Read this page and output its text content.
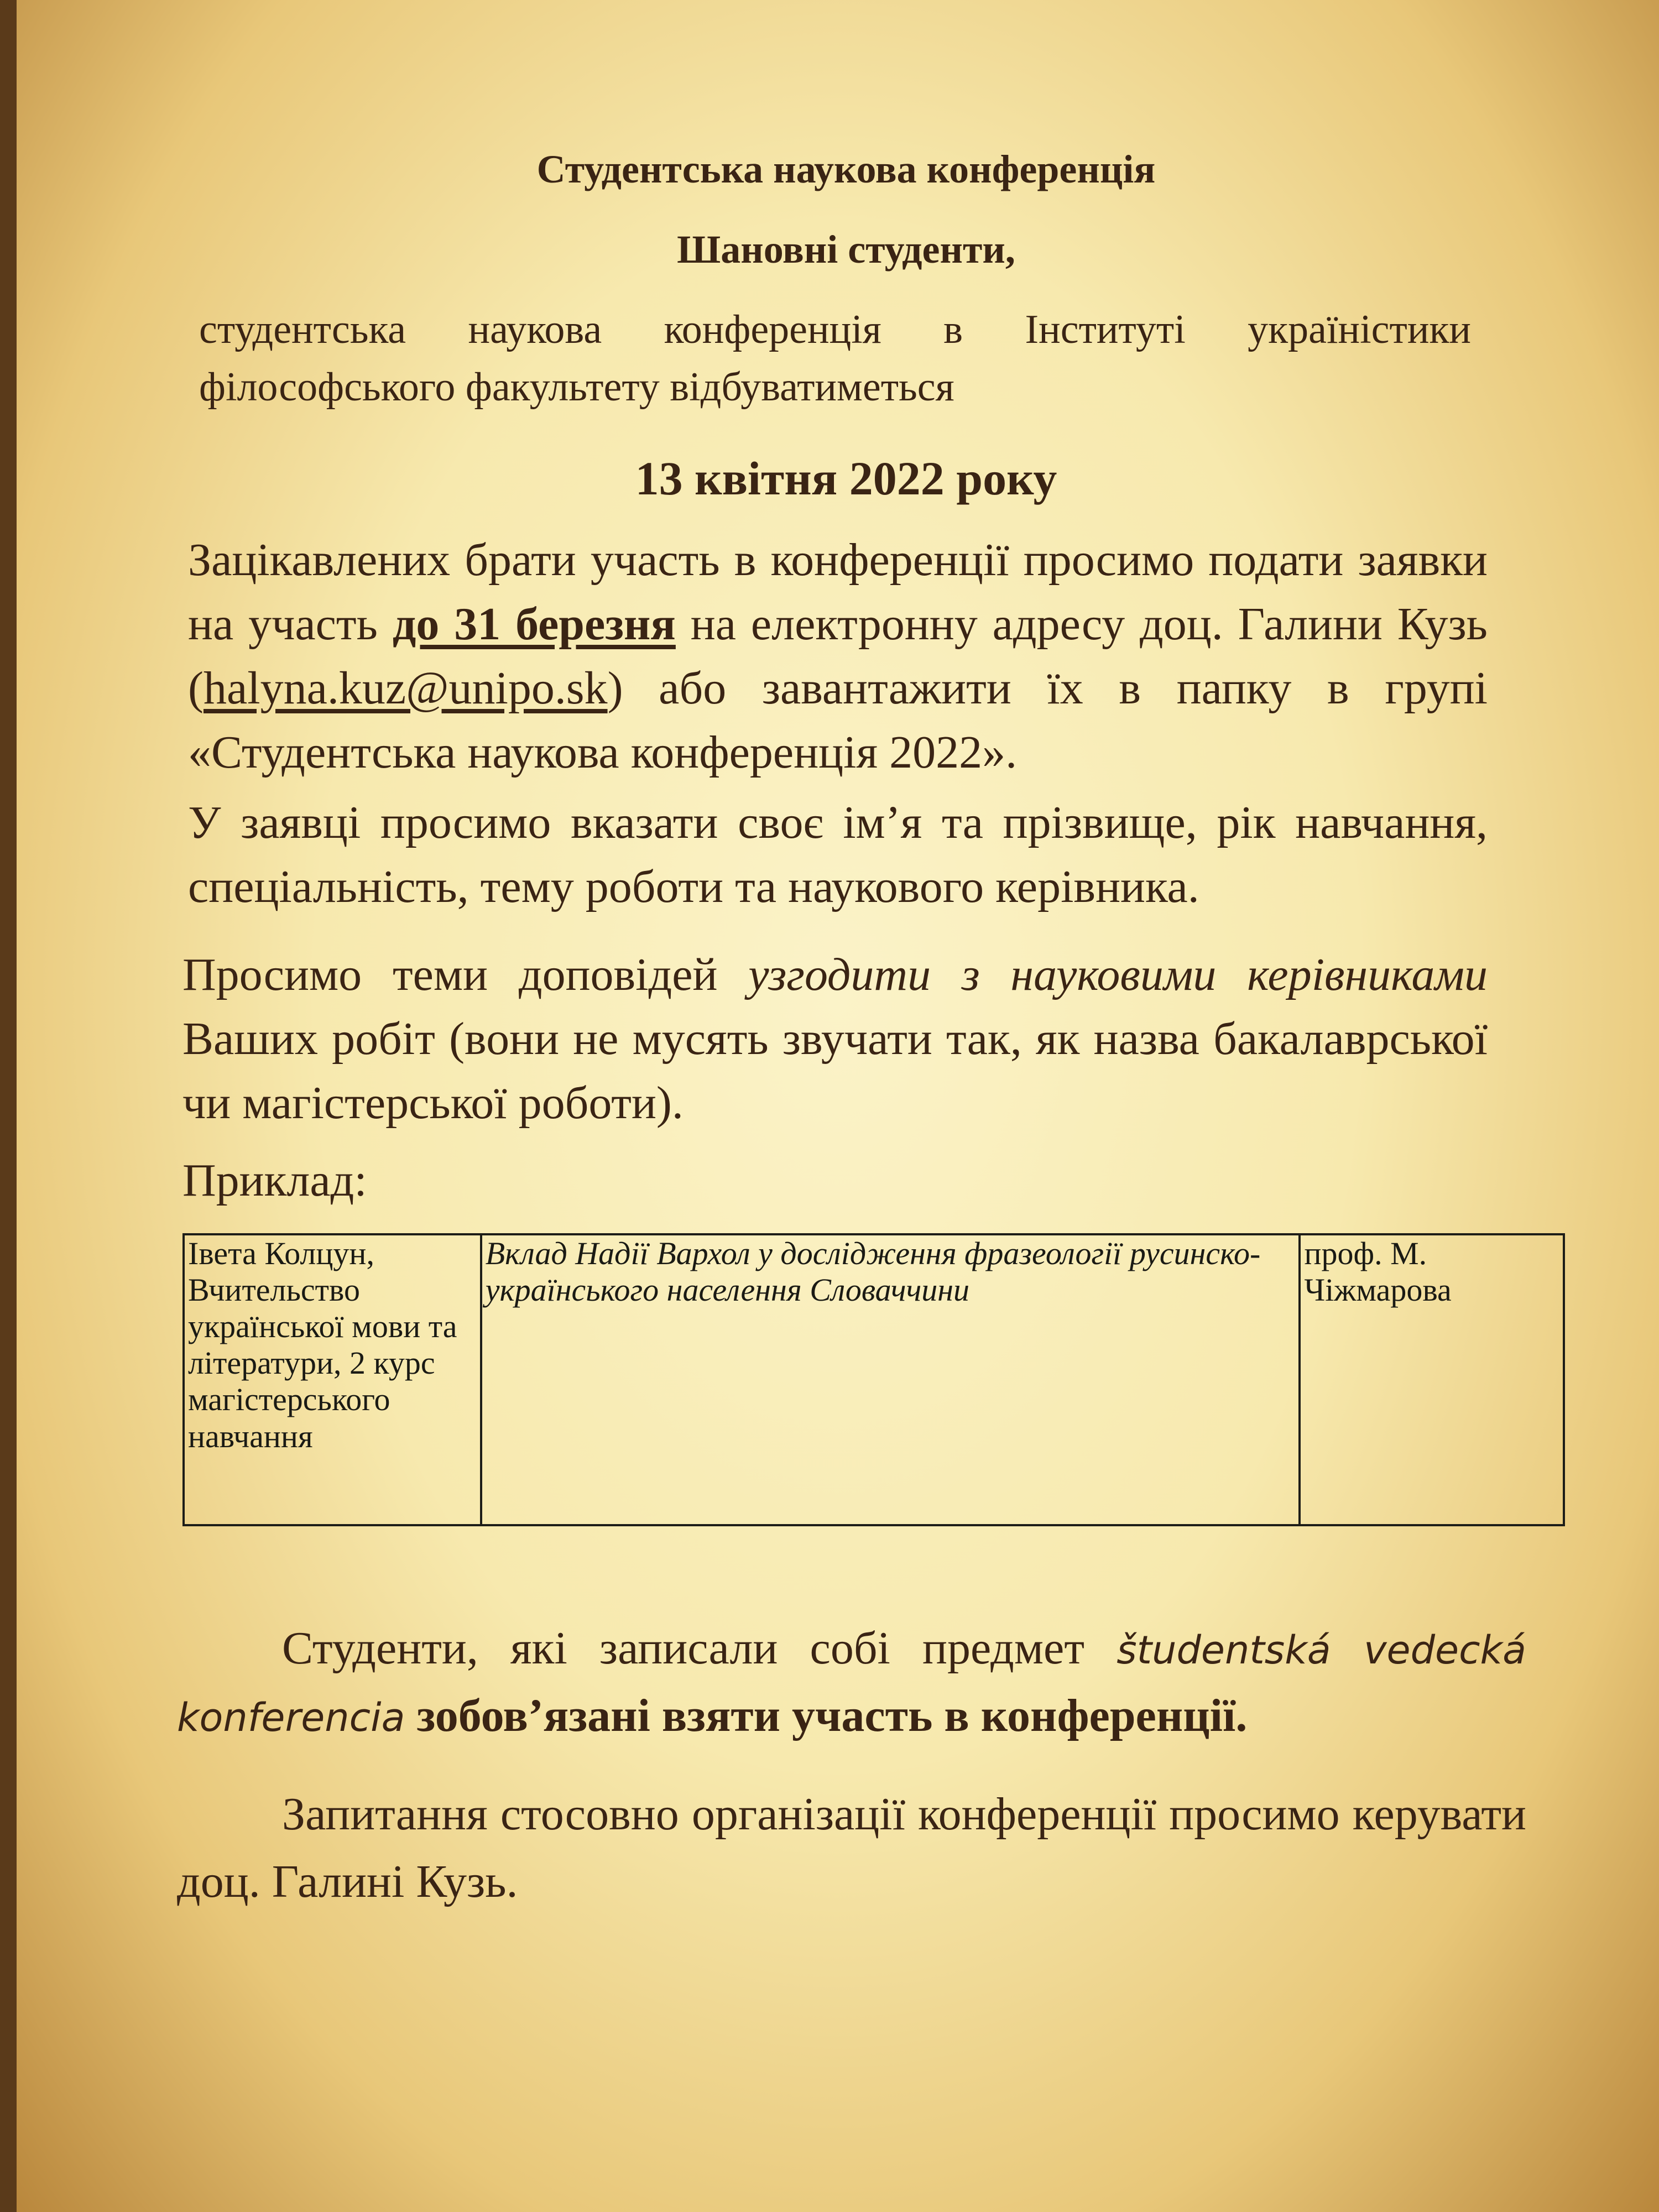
Студентська наукова конференція
Шановні студенти,
студентська наукова конференція в Інституті україністики філософського факультету відбуватиметься
13 квітня 2022 року
Зацікавлених брати участь в конференції просимо подати заявки на участь до 31 березня на електронну адресу доц. Галини Кузь (halyna.kuz@unipo.sk) або завантажити їх в папку в групі «Студентська наукова конференція 2022».
У заявці просимо вказати своє ім’я та прізвище, рік навчання, спеціальність, тему роботи та наукового керівника.
Просимо теми доповідей узгодити з науковими керівниками Ваших робіт (вони не мусять звучати так, як назва бакалаврської чи магістерської роботи).
Приклад:
Івета Колцун, Вчительство української мови та літератури, 2 курс магістерського навчання	Вклад Надії Вархол у дослідження фразеології русинско-українського населення Словаччини	проф. М. Чіжмарова
Студенти, які записали собі предмет študentská vedecká konferencia зобов’язані взяти участь в конференції.
Запитання стосовно організації конференції просимо керувати доц. Галині Кузь.
